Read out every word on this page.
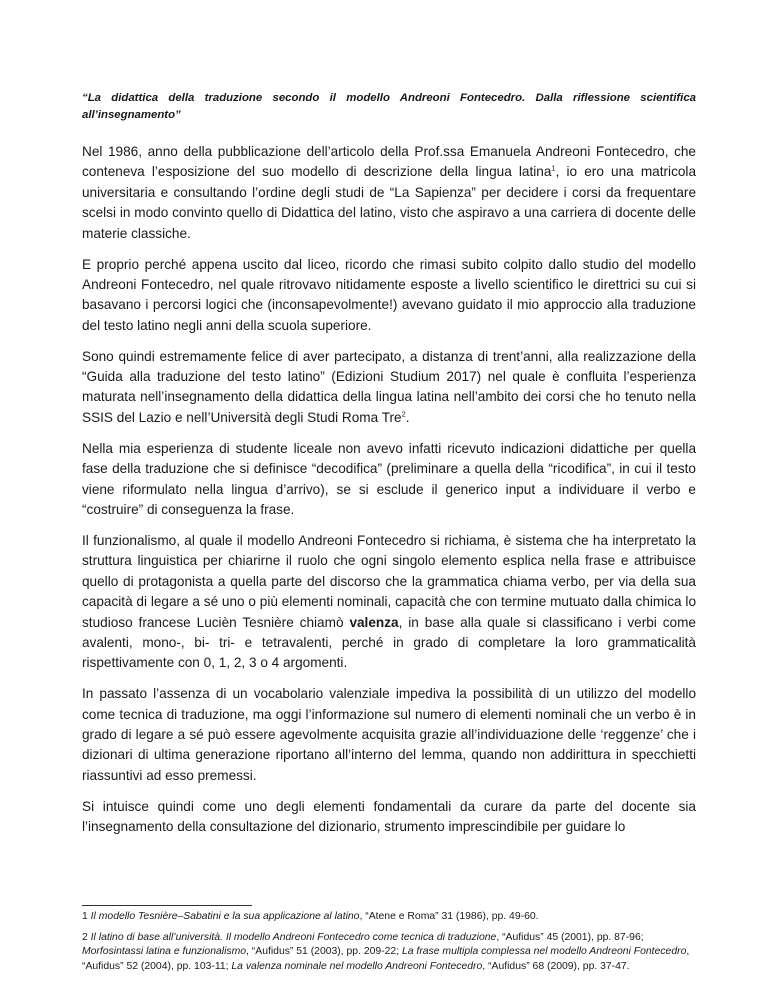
“La didattica della traduzione secondo il modello Andreoni Fontecedro. Dalla riflessione scientifica all’insegnamento”

Nel 1986, anno della pubblicazione dell’articolo della Prof.ssa Emanuela Andreoni Fontecedro, che conteneva l’esposizione del suo modello di descrizione della lingua latina$^1$, io ero una matricola universitaria e consultando l’ordine degli studi de “La Sapienza” per decidere i corsi da frequentare scelsi in modo convinto quello di Didattica del latino, visto che aspiravo a una carriera di docente delle materie classiche.

E proprio perché appena uscito dal liceo, ricordo che rimasi subito colpito dallo studio del modello Andreoni Fontecedro, nel quale ritrovavo nitidamente esposte a livello scientifico le direttrici su cui si basavano i percorsi logici che (inconsapevolmente!) avevano guidato il mio approccio alla traduzione del testo latino negli anni della scuola superiore.

Sono quindi estremamente felice di aver partecipato, a distanza di trent’anni, alla realizzazione della “Guida alla traduzione del testo latino” (Edizioni Studium 2017) nel quale è confluita l’esperienza maturata nell’insegnamento della didattica della lingua latina nell’ambito dei corsi che ho tenuto nella SSIS del Lazio e nell’Università degli Studi Roma Tre$^2$.

Nella mia esperienza di studente liceale non avevo infatti ricevuto indicazioni didattiche per quella fase della traduzione che si definisce “decodifica” (preliminare a quella della “ricodifica”, in cui il testo viene riformulato nella lingua d’arrivo), se si esclude il generico input a individuare il verbo e “costruire” di conseguenza la frase.

Il funzionalismo, al quale il modello Andreoni Fontecedro si richiama, è sistema che ha interpretato la struttura linguistica per chiarirne il ruolo che ogni singolo elemento esplica nella frase e attribuisce quello di protagonista a quella parte del discorso che la grammatica chiama verbo, per via della sua capacità di legare a sé uno o più elementi nominali, capacità che con termine mutuato dalla chimica lo studioso francese Lucièn Tesnière chiamò valenza, in base alla quale si classificano i verbi come avalenti, mono-, bi- tri- e tetravalenti, perché in grado di completare la loro grammaticalità rispettivamente con 0, 1, 2, 3 o 4 argomenti.

In passato l’assenza di un vocabolario valenziale impediva la possibilità di un utilizzo del modello come tecnica di traduzione, ma oggi l’informazione sul numero di elementi nominali che un verbo è in grado di legare a sé può essere agevolmente acquisita grazie all’individuazione delle ‘reggenze’ che i dizionari di ultima generazione riportano all’interno del lemma, quando non addirittura in specchietti riassuntivi ad esso premessi.

Si intuisce quindi come uno degli elementi fondamentali da curare da parte del docente sia l’insegnamento della consultazione del dizionario, strumento imprescindibile per guidare lo

1 Il modello Tesnière–Sabatini e la sua applicazione al latino, “Atene e Roma” 31 (1986), pp. 49-60.
2 Il latino di base all’università. Il modello Andreoni Fontecedro come tecnica di traduzione, “Aufidus” 45 (2001), pp. 87-96; Morfosintassi latina e funzionalismo, “Aufidus” 51 (2003), pp. 209-22; La frase multipla complessa nel modello Andreoni Fontecedro, “Aufidus” 52 (2004), pp. 103-11; La valenza nominale nel modello Andreoni Fontecedro, “Aufidus” 68 (2009), pp. 37-47.
